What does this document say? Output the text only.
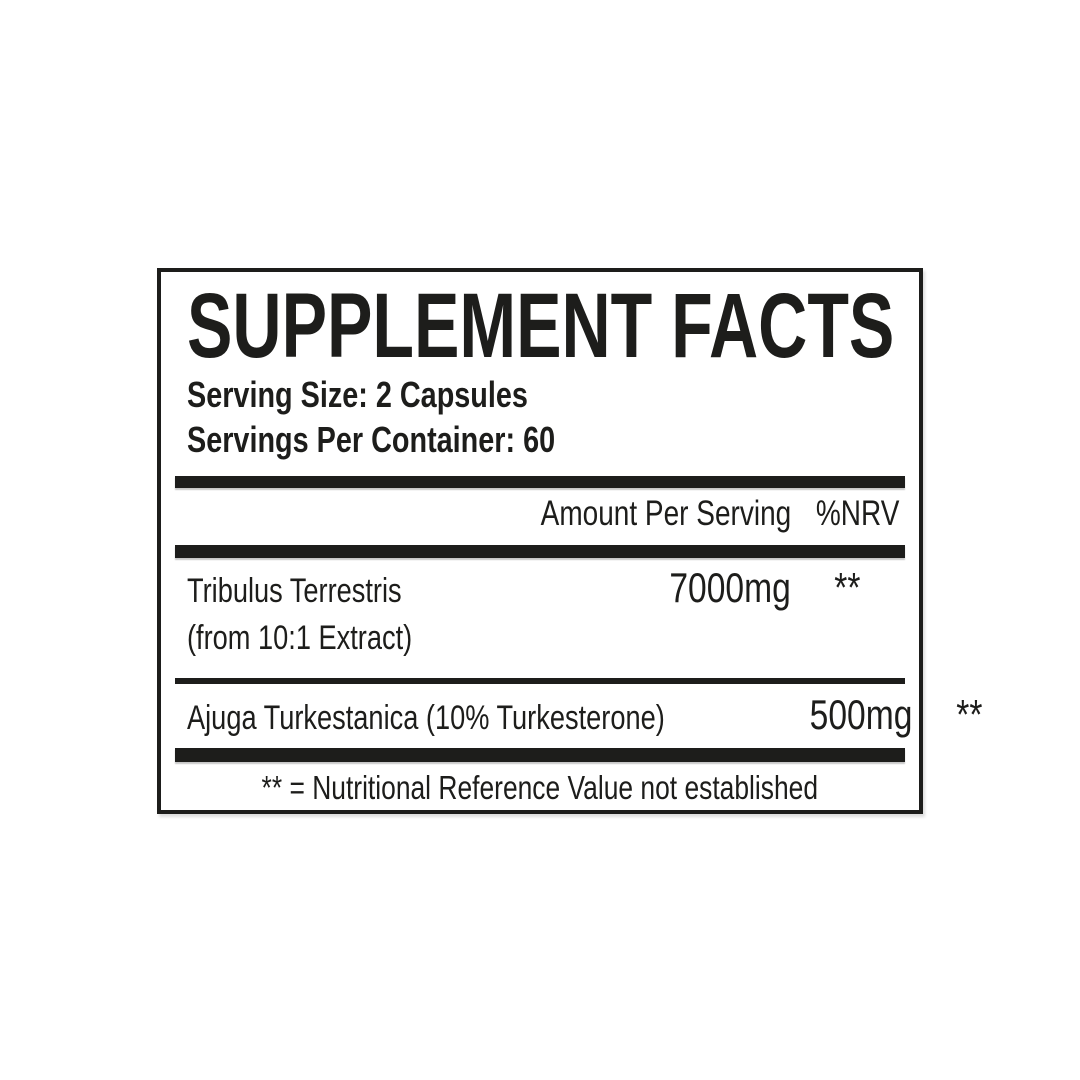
SUPPLEMENT FACTS
Serving Size: 2 Capsules
Servings Per Container: 60
Amount Per Serving %NRV
Tribulus Terrestris	7000mg	**
(from 10:1 Extract)
Ajuga Turkestanica (10% Turkesterone)	500mg	**
** = Nutritional Reference Value not established
